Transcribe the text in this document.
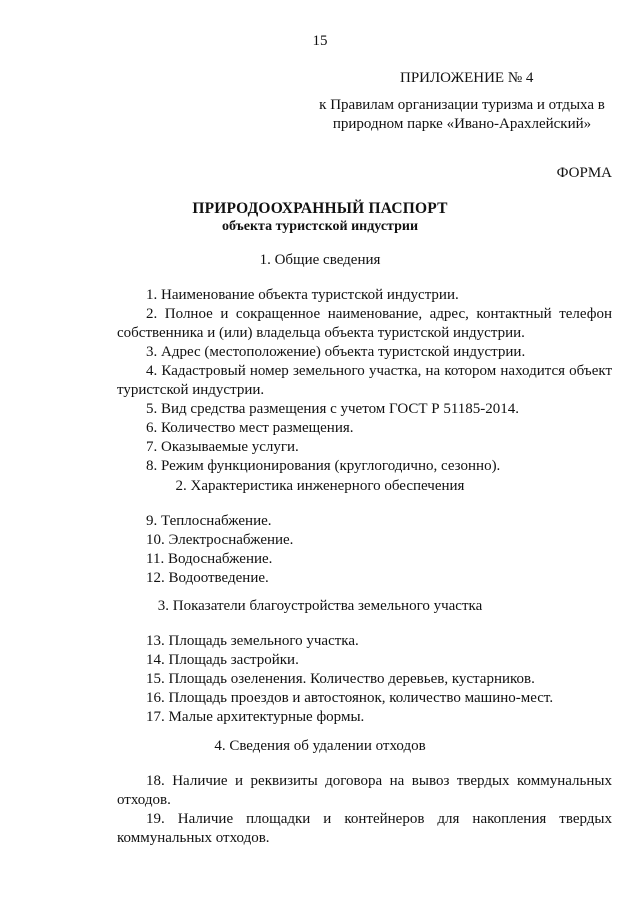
15
ПРИЛОЖЕНИЕ № 4
к Правилам организации туризма и отдыха в природном парке «Ивано-Арахлейский»
ФОРМА
ПРИРОДООХРАННЫЙ ПАСПОРТ
объекта туристской индустрии
1. Общие сведения
1. Наименование объекта туристской индустрии.
2. Полное и сокращенное наименование, адрес, контактный телефон собственника и (или) владельца объекта туристской индустрии.
3. Адрес (местоположение) объекта туристской индустрии.
4. Кадастровый номер земельного участка, на котором находится объект туристской индустрии.
5. Вид средства размещения с учетом ГОСТ Р 51185-2014.
6. Количество мест размещения.
7. Оказываемые услуги.
8. Режим функционирования (круглогодично, сезонно).
2. Характеристика инженерного обеспечения
9. Теплоснабжение.
10. Электроснабжение.
11. Водоснабжение.
12. Водоотведение.
3. Показатели благоустройства земельного участка
13. Площадь земельного участка.
14. Площадь застройки.
15. Площадь озеленения. Количество деревьев, кустарников.
16. Площадь проездов и автостоянок, количество машино-мест.
17. Малые архитектурные формы.
4. Сведения об удалении отходов
18. Наличие и реквизиты договора на вывоз твердых коммунальных отходов.
19. Наличие площадки и контейнеров для накопления твердых коммунальных отходов.
